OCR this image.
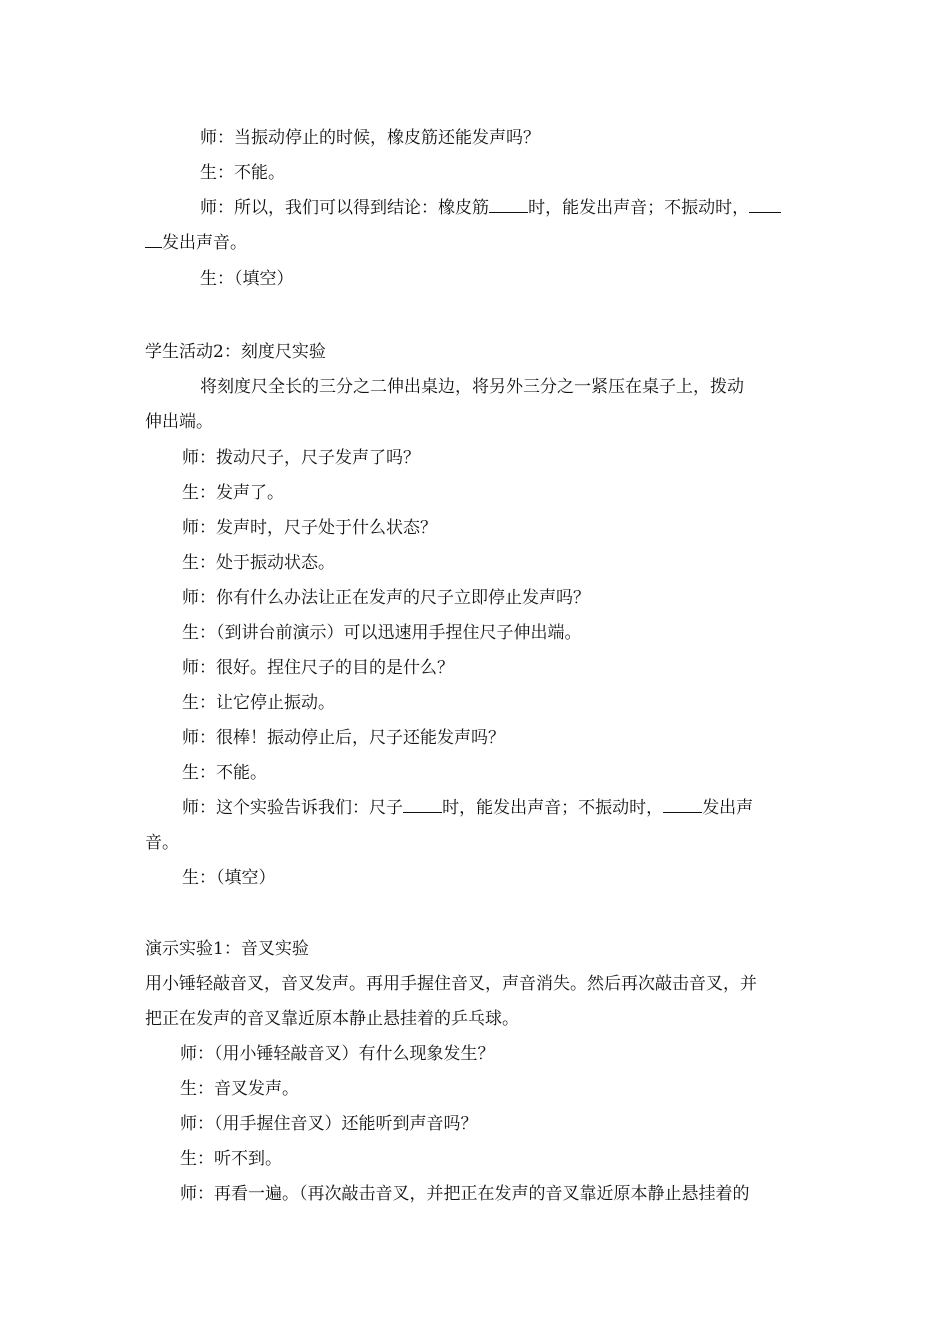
师：当振动停止的时候，橡皮筋还能发声吗？
生：不能。
师：所以，我们可以得到结论：橡皮筋 时，能发出声音；不振动时，
发出声音。
生：（填空）
学生活动2：刻度尺实验
将刻度尺全长的三分之二伸出桌边，将另外三分之一紧压在桌子上，拨动
伸出端。
师：拨动尺子，尺子发声了吗？
生：发声了。
师：发声时，尺子处于什么状态？
生：处于振动状态。
师：你有什么办法让正在发声的尺子立即停止发声吗？
生：（到讲台前演示）可以迅速用手捏住尺子伸出端。
师：很好。捏住尺子的目的是什么？
生：让它停止振动。
师：很棒！振动停止后，尺子还能发声吗？
生：不能。
师：这个实验告诉我们：尺子 时，能发出声音；不振动时， 发出声
音。
生：（填空）
演示实验1：音叉实验
用小锤轻敲音叉，音叉发声。再用手握住音叉，声音消失。然后再次敲击音叉，并
把正在发声的音叉靠近原本静止悬挂着的乒乓球。
师：（用小锤轻敲音叉）有什么现象发生？
生：音叉发声。
师：（用手握住音叉）还能听到声音吗？
生：听不到。
师：再看一遍。（再次敲击音叉，并把正在发声的音叉靠近原本静止悬挂着的
